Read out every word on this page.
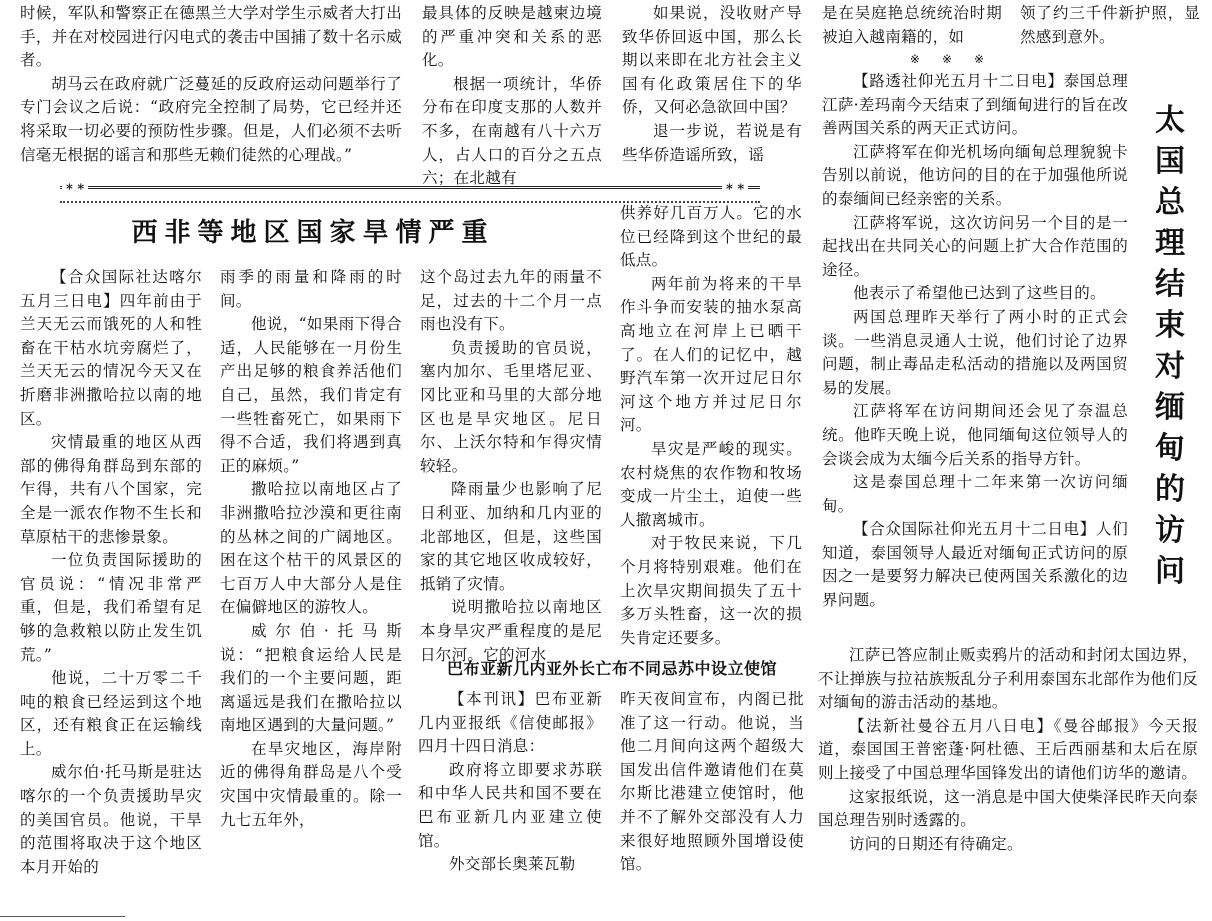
时候，军队和警察正在德黑兰大学对学生示威者大打出手，并在对校园进行闪电式的袭击中国捕了数十名示威者。

胡马云在政府就广泛蔓延的反政府运动问题举行了专门会议之后说：“政府完全控制了局势，它已经并还将采取一切必要的预防性步骤。但是，人们必须不去听信毫无根据的谣言和那些无赖们徒然的心理战。”

最具体的反映是越柬边境的严重冲突和关系的恶化。

根据一项统计，华侨分布在印度支那的人数并不多，在南越有八十六万人，占人口的百分之五点六；在北越有

如果说，没收财产导致华侨回返中国，那么长期以来即在北方社会主义国有化政策居住下的华侨，又何必急欲回中国？

退一步说，若说是有些华侨造谣所致，谣

是在吴庭艳总统统治时期被迫入越南籍的，如

领了约三千件新护照，显然感到意外。

※※※
* *	* *
西非等地区国家旱情严重

【合众国际社达喀尔五月三日电】四年前由于兰天无云而饿死的人和牲畜在干枯水坑旁腐烂了，兰天无云的情况今天又在折磨非洲撒哈拉以南的地区。

灾情最重的地区从西部的佛得角群岛到东部的乍得，共有八个国家，完全是一派农作物不生长和草原枯干的悲惨景象。

一位负责国际援助的官员说：“情况非常严重，但是，我们希望有足够的急救粮以防止发生饥荒。”

他说，二十万零二千吨的粮食已经运到这个地区，还有粮食正在运输线上。

威尔伯·托马斯是驻达喀尔的一个负责援助旱灾的美国官员。他说，干旱的范围将取决于这个地区本月开始的

雨季的雨量和降雨的时间。

他说，“如果雨下得合适，人民能够在一月份生产出足够的粮食养活他们自己，虽然，我们肯定有一些牲畜死亡，如果雨下得不合适，我们将遇到真正的麻烦。”

撒哈拉以南地区占了非洲撒哈拉沙漠和更往南的丛林之间的广阔地区。困在这个枯干的风景区的七百万人中大部分人是住在偏僻地区的游牧人。

威尔伯·托马斯说：“把粮食运给人民是我们的一个主要问题，距离遥远是我们在撒哈拉以南地区遇到的大量问题。”

在旱灾地区，海岸附近的佛得角群岛是八个受灾国中灾情最重的。除一九七五年外，

这个岛过去九年的雨量不足，过去的十二个月一点雨也没有下。

负责援助的官员说，塞内加尔、毛里塔尼亚、冈比亚和马里的大部分地区也是旱灾地区。尼日尔、上沃尔特和乍得灾情较轻。

降雨量少也影响了尼日利亚、加纳和几内亚的北部地区，但是，这些国家的其它地区收成较好，抵销了灾情。

说明撒哈拉以南地区本身旱灾严重程度的是尼日尔河。它的河水

供养好几百万人。它的水位已经降到这个世纪的最低点。

两年前为将来的干旱作斗争而安装的抽水泵高高地立在河岸上已晒干了。在人们的记忆中，越野汽车第一次开过尼日尔河这个地方并过尼日尔河。

旱灾是严峻的现实。农村烧焦的农作物和牧场变成一片尘土，迫使一些人撤离城市。

对于牧民来说，下几个月将特别艰难。他们在上次旱灾期间损失了五十多万头牲畜，这一次的损失肯定还要多。

巴布亚新几内亚外长亡布不同忌苏中设立使馆

【本刊讯】巴布亚新几内亚报纸《信使邮报》四月十四日消息：

政府将立即要求苏联和中华人民共和国不要在巴布亚新几内亚建立使馆。

外交部长奥莱瓦勒

昨天夜间宣布，内阁已批准了这一行动。他说，当他二月间向这两个超级大国发出信件邀请他们在莫尔斯比港建立使馆时，他并不了解外交部没有人力来很好地照顾外国增设使馆。

【路透社仰光五月十二日电】泰国总理江萨·差玛南今天结束了到缅甸进行的旨在改善两国关系的两天正式访问。

江萨将军在仰光机场向缅甸总理貌貌卡告别以前说，他访问的目的在于加强他所说的泰缅间已经亲密的关系。

江萨将军说，这次访问另一个目的是一起找出在共同关心的问题上扩大合作范围的途径。

他表示了希望他已达到了这些目的。

两国总理昨天举行了两小时的正式会谈。一些消息灵通人士说，他们讨论了边界问题，制止毒品走私活动的措施以及两国贸易的发展。

江萨将军在访问期间还会见了奈温总统。他昨天晚上说，他同缅甸这位领导人的会谈会成为太缅今后关系的指导方针。

这是泰国总理十二年来第一次访问缅甸。

【合众国际社仰光五月十二日电】人们知道，泰国领导人最近对缅甸正式访问的原因之一是要努力解决已使两国关系激化的边界问题。

江萨已答应制止贩卖鸦片的活动和封闭太国边界，不让掸族与拉祜族叛乱分子利用泰国东北部作为他们反对缅甸的游击活动的基地。

【法新社曼谷五月八日电】《曼谷邮报》今天报道，泰国国王普密蓬·阿杜德、王后西丽基和太后在原则上接受了中国总理华国锋发出的请他们访华的邀请。

这家报纸说，这一消息是中国大使柴泽民昨天向泰国总理告别时透露的。

访问的日期还有待确定。

太
国
总
理
结
束
对
缅
甸
的
访
问
